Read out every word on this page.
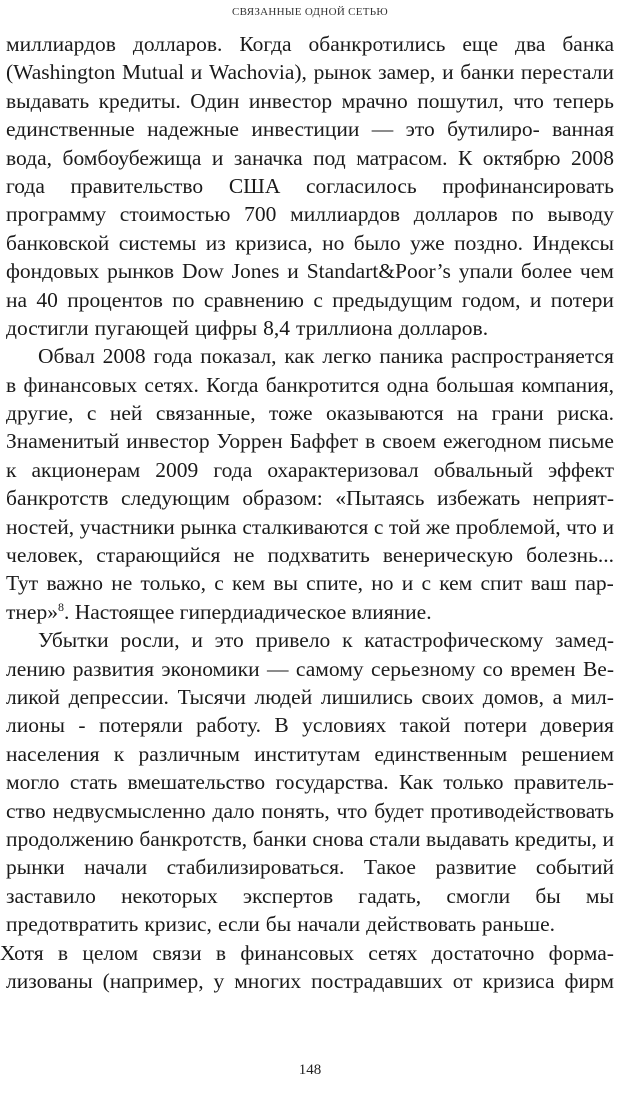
СВЯЗАННЫЕ ОДНОЙ СЕТЬЮ
миллиардов долларов. Когда обанкротились еще два банка
(Washington Mutual и Wachovia), рынок замер, и банки перестали
выдавать кредиты. Один инвестор мрачно пошутил, что теперь
единственные надежные инвестиции — это бутилиро- ванная
вода, бомбоубежища и заначка под матрасом. К октябрю 2008
года правительство США согласилось профинансировать
программу стоимостью 700 миллиардов долларов по выводу
банковской системы из кризиса, но было уже поздно. Индексы
фондовых рынков Dow Jones и Standart&Poor’s упали более чем
на 40 процентов по сравнению с предыдущим годом, и потери
достигли пугающей цифры 8,4 триллиона долларов.
Обвал 2008 года показал, как легко паника распространяется
в финансовых сетях. Когда банкротится одна большая компания,
другие, с ней связанные, тоже оказываются на грани риска.
Знаменитый инвестор Уоррен Баффет в своем ежегодном письме
к акционерам 2009 года охарактеризовал обвальный эффект
банкротств следующим образом: «Пытаясь избежать неприят-
ностей, участники рынка сталкиваются с той же проблемой, что и
человек, старающийся не подхватить венерическую болезнь...
Тут важно не только, с кем вы спите, но и с кем спит ваш пар-
тнер»$^8$. Настоящее гипердиадическое влияние.
Убытки росли, и это привело к катастрофическому замед-
лению развития экономики — самому серьезному со времен Ве-
ликой депрессии. Тысячи людей лишились своих домов, а мил-
лионы - потеряли работу. В условиях такой потери доверия
населения к различным институтам единственным решением
могло стать вмешательство государства. Как только правитель-
ство недвусмысленно дало понять, что будет противодействовать
продолжению банкротств, банки снова стали выдавать кредиты, и
рынки начали стабилизироваться. Такое развитие событий
заставило некоторых экспертов гадать, смогли бы мы
предотвратить кризис, если бы начали действовать раньше.
Хотя в целом связи в финансовых сетях достаточно форма-
лизованы (например, у многих пострадавших от кризиса фирм
148
